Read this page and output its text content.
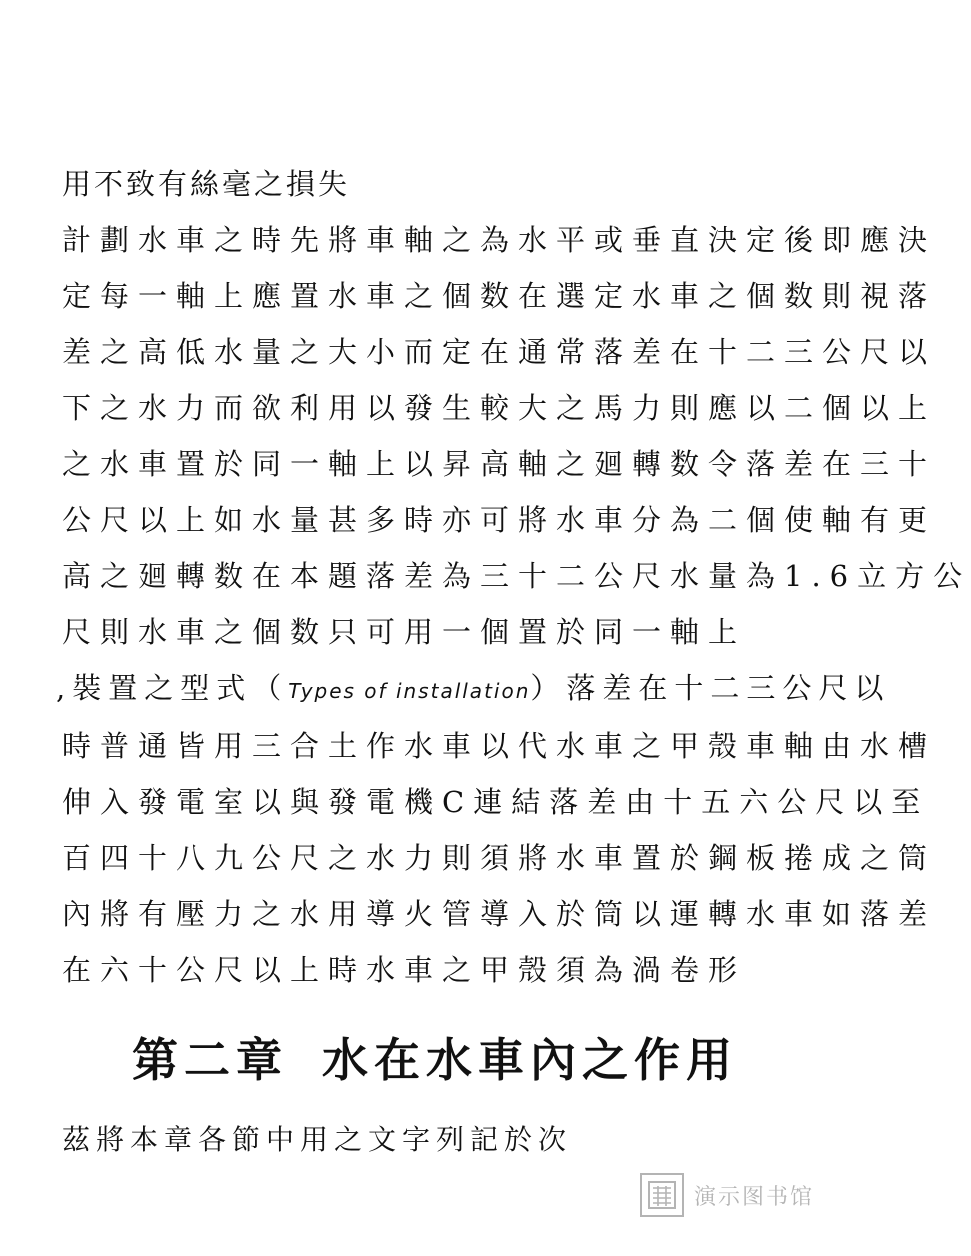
用不致有絲毫之損失
計劃水車之時先將車軸之為水平或垂直決定後即應決
定每一軸上應置水車之個数在選定水車之個数則視落
差之高低水量之大小而定在通常落差在十二三公尺以
下之水力而欲利用以發生較大之馬力則應以二個以上
之水車置於同一軸上以昇高軸之廻轉数令落差在三十
公尺以上如水量甚多時亦可將水車分為二個使軸有更
高之廻轉数在本題落差為三十二公尺水量為1.6立方公
尺則水車之個数只可用一個置於同一軸上
,裝置之型式（Types of installation）落差在十二三公尺以
時普通皆用三合土作水車以代水車之甲殼車軸由水槽
伸入發電室以與發電機C連結落差由十五六公尺以至
百四十八九公尺之水力則須將水車置於鋼板捲成之筒
內將有壓力之水用導火管導入於筒以運轉水車如落差
在六十公尺以上時水車之甲殼須為渦卷形
第二章 水在水車內之作用
茲將本章各節中用之文字列記於次
演示图书馆
